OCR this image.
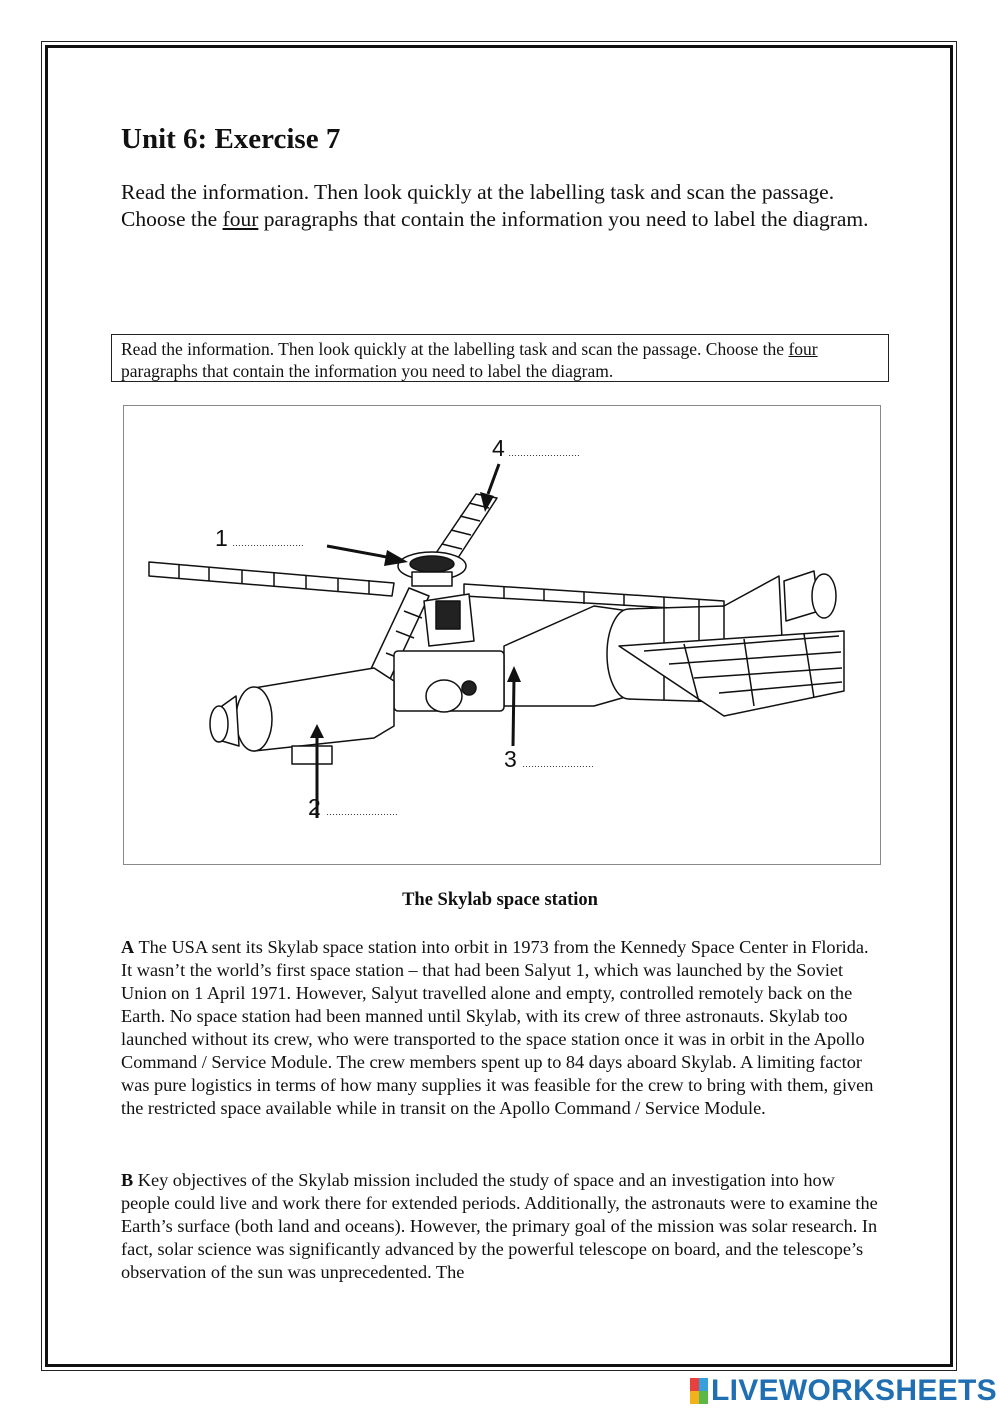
Unit 6: Exercise 7

Read the information. Then look quickly at the labelling task and scan the passage. Choose the four paragraphs that contain the information you need to label the diagram.

Read the information. Then look quickly at the labelling task and scan the passage. Choose the four paragraphs that contain the information you need to label the diagram.
4 ……………………
1 ……………………
3 ……………………
2 ……………………

The Skylab space station

A The USA sent its Skylab space station into orbit in 1973 from the Kennedy Space Center in Florida. It wasn’t the world’s first space station – that had been Salyut 1, which was launched by the Soviet Union on 1 April 1971. However, Salyut travelled alone and empty, controlled remotely back on the Earth. No space station had been manned until Skylab, with its crew of three astronauts. Skylab too launched without its crew, who were transported to the space station once it was in orbit in the Apollo Command / Service Module. The crew members spent up to 84 days aboard Skylab. A limiting factor was pure logistics in terms of how many supplies it was feasible for the crew to bring with them, given the restricted space available while in transit on the Apollo Command / Service Module.

B Key objectives of the Skylab mission included the study of space and an investigation into how people could live and work there for extended periods. Additionally, the astronauts were to examine the Earth’s surface (both land and oceans). However, the primary goal of the mission was solar research. In fact, solar science was significantly advanced by the powerful telescope on board, and the telescope’s observation of the sun was unprecedented. The

LIVEWORKSHEETS
